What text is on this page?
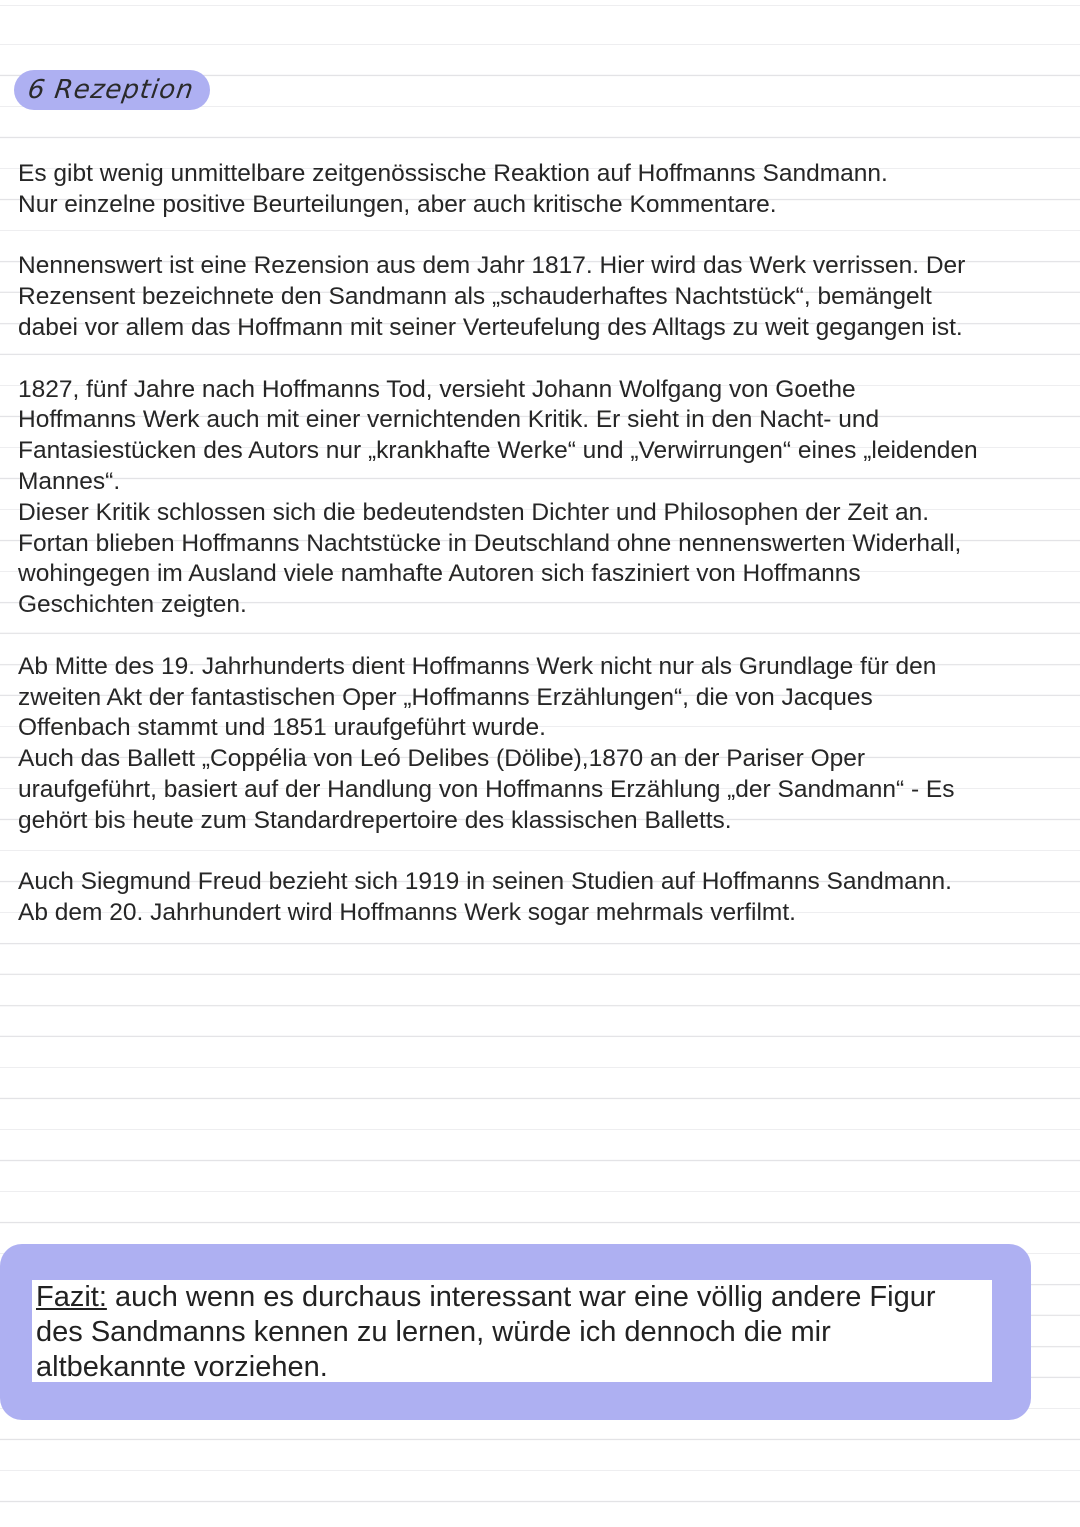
6 Rezeption

Es gibt wenig unmittelbare zeitgenössische Reaktion auf Hoffmanns Sandmann.
Nur einzelne positive Beurteilungen, aber auch kritische Kommentare.

Nennenswert ist eine Rezension aus dem Jahr 1817. Hier wird das Werk verrissen. Der
Rezensent bezeichnete den Sandmann als „schauderhaftes Nachtstück“, bemängelt
dabei vor allem das Hoffmann mit seiner Verteufelung des Alltags zu weit gegangen ist.

1827, fünf Jahre nach Hoffmanns Tod, versieht Johann Wolfgang von Goethe
Hoffmanns Werk auch mit einer vernichtenden Kritik. Er sieht in den Nacht- und
Fantasiestücken des Autors nur „krankhafte Werke“ und „Verwirrungen“ eines „leidenden
Mannes“.
Dieser Kritik schlossen sich die bedeutendsten Dichter und Philosophen der Zeit an.
Fortan blieben Hoffmanns Nachtstücke in Deutschland ohne nennenswerten Widerhall,
wohingegen im Ausland viele namhafte Autoren sich fasziniert von Hoffmanns
Geschichten zeigten.

Ab Mitte des 19. Jahrhunderts dient Hoffmanns Werk nicht nur als Grundlage für den
zweiten Akt der fantastischen Oper „Hoffmanns Erzählungen“, die von Jacques
Offenbach stammt und 1851 uraufgeführt wurde.
Auch das Ballett „Coppélia von Leó Delibes (Dölibe),1870 an der Pariser Oper
uraufgeführt, basiert auf der Handlung von Hoffmanns Erzählung „der Sandmann“ - Es
gehört bis heute zum Standardrepertoire des klassischen Balletts.

Auch Siegmund Freud bezieht sich 1919 in seinen Studien auf Hoffmanns Sandmann.
Ab dem 20. Jahrhundert wird Hoffmanns Werk sogar mehrmals verfilmt.

Fazit: auch wenn es durchaus interessant war eine völlig andere Figur
des Sandmanns kennen zu lernen, würde ich dennoch die mir
altbekannte vorziehen.
